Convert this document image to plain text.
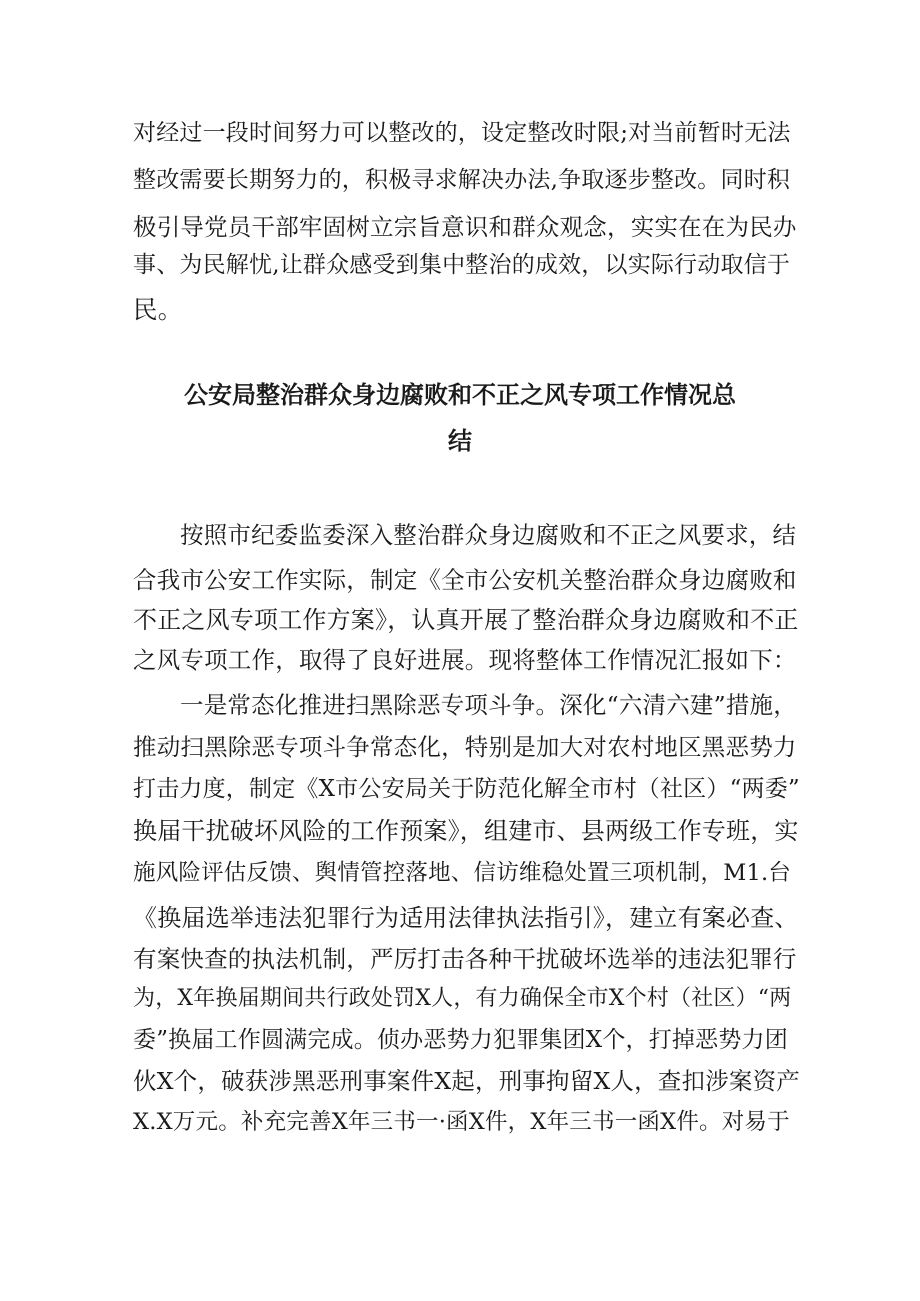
对经过一段时间努力可以整改的，设定整改时限;对当前暂时无法
整改需要长期努力的，积极寻求解决办法,争取逐步整改。同时积
极引导党员干部牢固树立宗旨意识和群众观念，实实在在为民办
事、为民解忧,让群众感受到集中整治的成效，以实际行动取信于
民。
公安局整治群众身边腐败和不正之风专项工作情况总
结
按照市纪委监委深入整治群众身边腐败和不正之风要求，结
合我市公安工作实际，制定《全市公安机关整治群众身边腐败和
不正之风专项工作方案》，认真开展了整治群众身边腐败和不正
之风专项工作，取得了良好进展。现将整体工作情况汇报如下：
一是常态化推进扫黑除恶专项斗争。深化“六清六建”措施，
推动扫黑除恶专项斗争常态化，特别是加大对农村地区黑恶势力
打击力度，制定《X市公安局关于防范化解全市村（社区）“两委”
换届干扰破坏风险的工作预案》，组建市、县两级工作专班，实
施风险评估反馈、舆情管控落地、信访维稳处置三项机制，M1.台
《换届选举违法犯罪行为适用法律执法指引》，建立有案必查、
有案快查的执法机制，严厉打击各种干扰破坏选举的违法犯罪行
为，X年换届期间共行政处罚X人，有力确保全市X个村（社区）“两
委”换届工作圆满完成。侦办恶势力犯罪集团X个，打掉恶势力团
伙X个，破获涉黑恶刑事案件X起，刑事拘留X人，查扣涉案资产
X.X万元。补充完善X年三书一·函X件，X年三书一函X件。对易于
